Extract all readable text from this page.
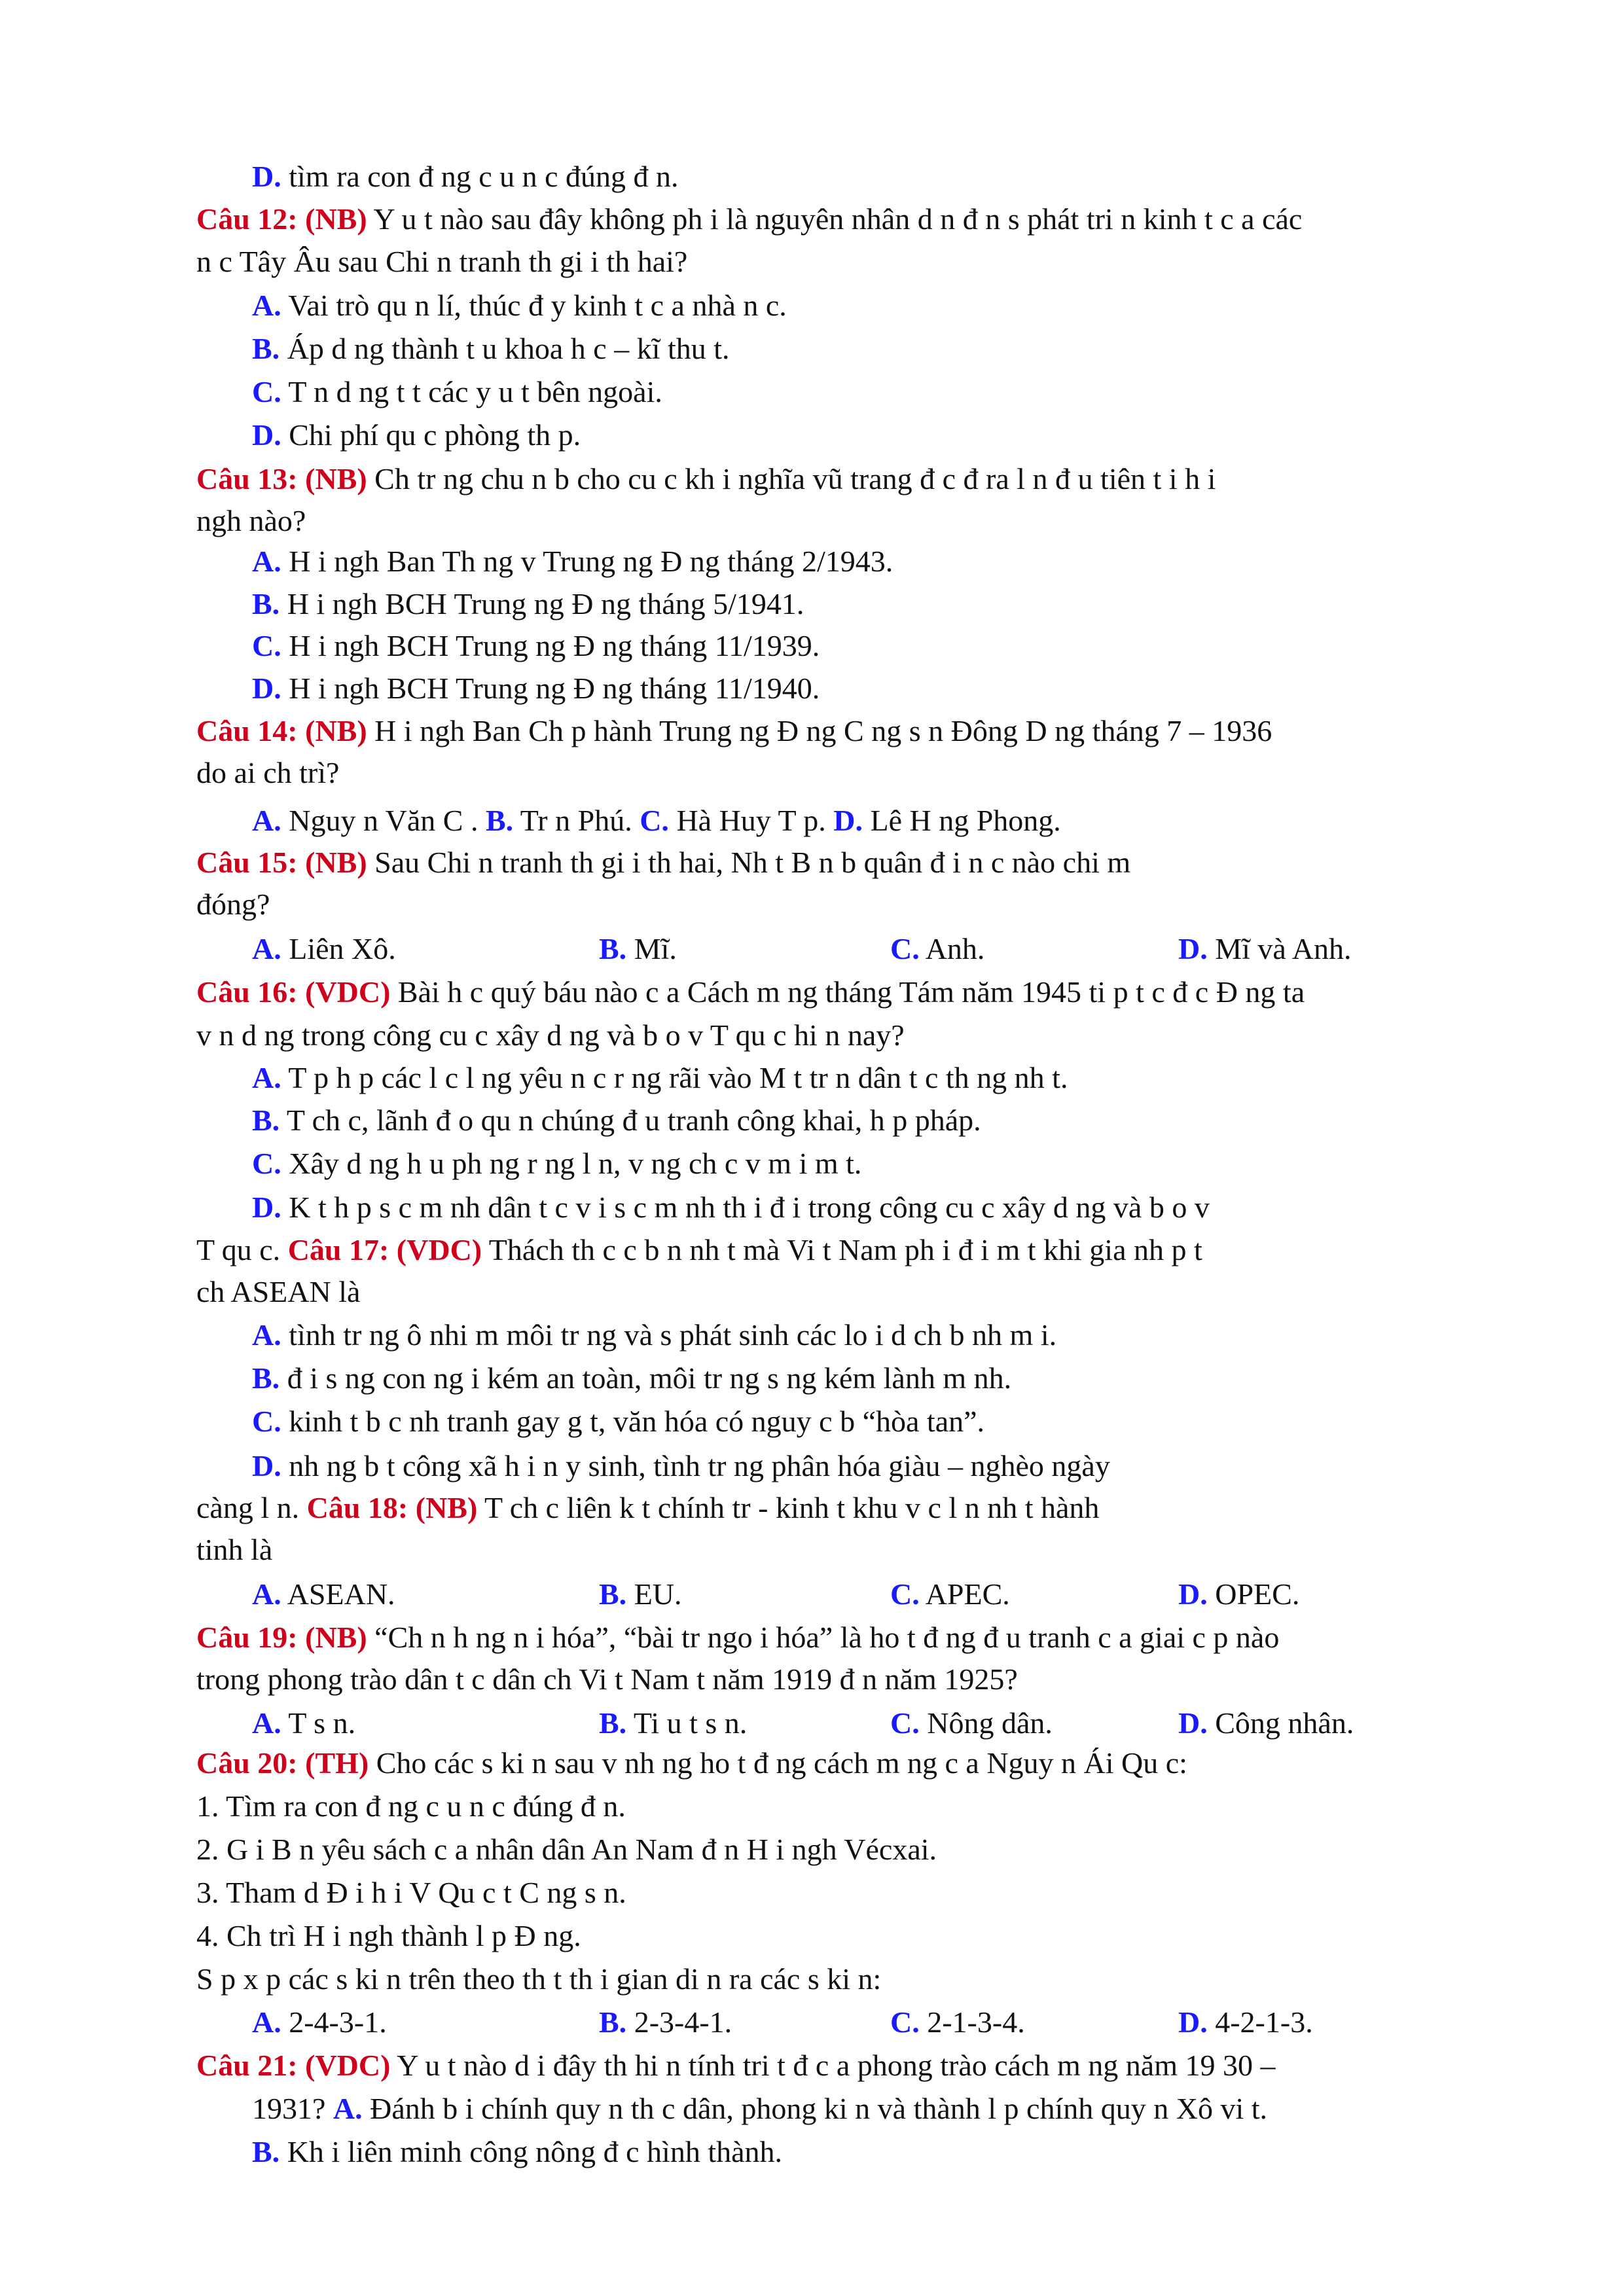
D. tìm ra con đ ng c u n c đúng đ n.
Câu 12: (NB) Y u t nào sau đây không ph i là nguyên nhân d n đ n s phát tri n kinh t c a các
n c Tây Âu sau Chi n tranh th gi i th hai?
A. Vai trò qu n lí, thúc đ y kinh t c a nhà n c.
B. Áp d ng thành t u khoa h c – kĩ thu t.
C. T n d ng t t các y u t bên ngoài.
D. Chi phí qu c phòng th p.
Câu 13: (NB) Ch tr ng chu n b cho cu c kh i nghĩa vũ trang đ c đ ra l n đ u tiên t i h i
ngh nào?
A. H i ngh Ban Th ng v Trung ng Đ ng tháng 2/1943.
B. H i ngh BCH Trung ng Đ ng tháng 5/1941.
C. H i ngh BCH Trung ng Đ ng tháng 11/1939.
D. H i ngh BCH Trung ng Đ ng tháng 11/1940.
Câu 14: (NB) H i ngh Ban Ch p hành Trung ng Đ ng C ng s n Đông D ng tháng 7 – 1936
do ai ch trì?
A. Nguy n Văn C . B. Tr n Phú. C. Hà Huy T p. D. Lê H ng Phong.
Câu 15: (NB) Sau Chi n tranh th gi i th hai, Nh t B n b quân đ i n c nào chi m
đóng?
A. Liên Xô.	B. Mĩ.	C. Anh.	D. Mĩ và Anh.
Câu 16: (VDC) Bài h c quý báu nào c a Cách m ng tháng Tám năm 1945 ti p t c đ c Đ ng ta
v n d ng trong công cu c xây d ng và b o v T qu c hi n nay?
A. T p h p các l c l ng yêu n c r ng rãi vào M t tr n dân t c th ng nh t.
B. T ch c, lãnh đ o qu n chúng đ u tranh công khai, h p pháp.
C. Xây d ng h u ph ng r ng l n, v ng ch c v m i m t.
D. K t h p s c m nh dân t c v i s c m nh th i đ i trong công cu c xây d ng và b o v
T qu c. Câu 17: (VDC) Thách th c c b n nh t mà Vi t Nam ph i đ i m t khi gia nh p t
ch ASEAN là
A. tình tr ng ô nhi m môi tr ng và s phát sinh các lo i d ch b nh m i.
B. đ i s ng con ng i kém an toàn, môi tr ng s ng kém lành m nh.
C. kinh t b c nh tranh gay g t, văn hóa có nguy c b “hòa tan”.
D. nh ng b t công xã h i n y sinh, tình tr ng phân hóa giàu – nghèo ngày
càng l n. Câu 18: (NB) T ch c liên k t chính tr - kinh t khu v c l n nh t hành
tinh là
A. ASEAN.	B. EU.	C. APEC.	D. OPEC.
Câu 19: (NB) “Ch n h ng n i hóa”, “bài tr ngo i hóa” là ho t đ ng đ u tranh c a giai c p nào
trong phong trào dân t c dân ch Vi t Nam t năm 1919 đ n năm 1925?
A. T s n.	B. Ti u t s n.	C. Nông dân.	D. Công nhân.
Câu 20: (TH) Cho các s ki n sau v nh ng ho t đ ng cách m ng c a Nguy n Ái Qu c:
1. Tìm ra con đ ng c u n c đúng đ n.
2. G i B n yêu sách c a nhân dân An Nam đ n H i ngh Vécxai.
3. Tham d Đ i h i V Qu c t C ng s n.
4. Ch trì H i ngh thành l p Đ ng.
S p x p các s ki n trên theo th t th i gian di n ra các s ki n:
A. 2-4-3-1.	B. 2-3-4-1.	C. 2-1-3-4.	D. 4-2-1-3.
Câu 21: (VDC) Y u t nào d i đây th hi n tính tri t đ c a phong trào cách m ng năm 19 30 –
1931? A. Đánh b i chính quy n th c dân, phong ki n và thành l p chính quy n Xô vi t.
B. Kh i liên minh công nông đ c hình thành.
